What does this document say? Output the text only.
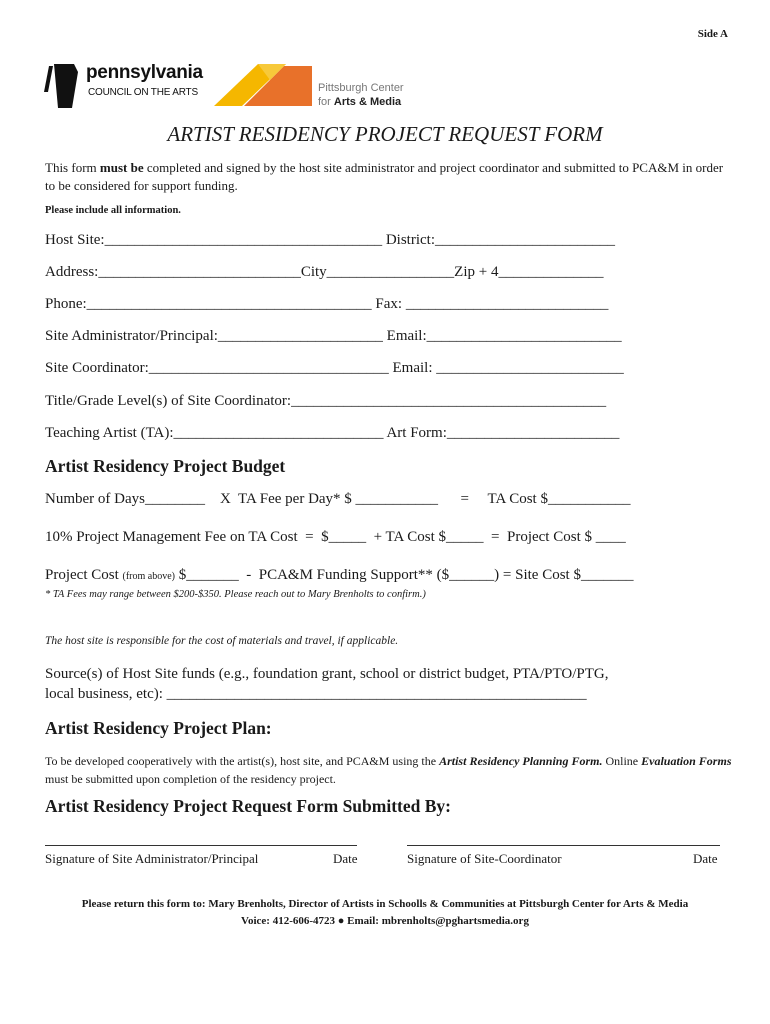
Side A
pennsylvania
COUNCIL ON THE ARTS	Pittsburgh Center
for Arts & Media
ARTIST RESIDENCY PROJECT REQUEST FORM
This form must be completed and signed by the host site administrator and project coordinator and submitted to PCA&M in order to be considered for support funding.
Please include all information.
Host Site:_____________________________________ District:________________________
Address:___________________________City_________________Zip + 4______________
Phone:______________________________________ Fax: ___________________________
Site Administrator/Principal:______________________ Email:__________________________
Site Coordinator:________________________________ Email: _________________________
Title/Grade Level(s) of Site Coordinator:__________________________________________
Teaching Artist (TA):____________________________ Art Form:_______________________
Artist Residency Project Budget
Number of Days________    X  TA Fee per Day* $ ___________      =     TA Cost $___________
10% Project Management Fee on TA Cost  =  $_____  + TA Cost $_____  =  Project Cost $ ____
Project Cost (from above) $_______  -  PCA&M Funding Support** ($______) = Site Cost $_______
* TA Fees may range between $200-$350. Please reach out to Mary Brenholts to confirm.)
The host site is responsible for the cost of materials and travel, if applicable.
Source(s) of Host Site funds (e.g., foundation grant, school or district budget, PTA/PTO/PTG,
local business, etc): ________________________________________________________
Artist Residency Project Plan:
To be developed cooperatively with the artist(s), host site, and PCA&M using the Artist Residency Planning Form. Online Evaluation Forms must be submitted upon completion of the residency project.
Artist Residency Project Request Form Submitted By:
Signature of Site Administrator/Principal	Date	Signature of Site-Coordinator	Date
Please return this form to: Mary Brenholts, Director of Artists in Schoolls & Communities at Pittsburgh Center for Arts & Media
Voice: 412-606-4723 ● Email: mbrenholts@pghartsmedia.org
